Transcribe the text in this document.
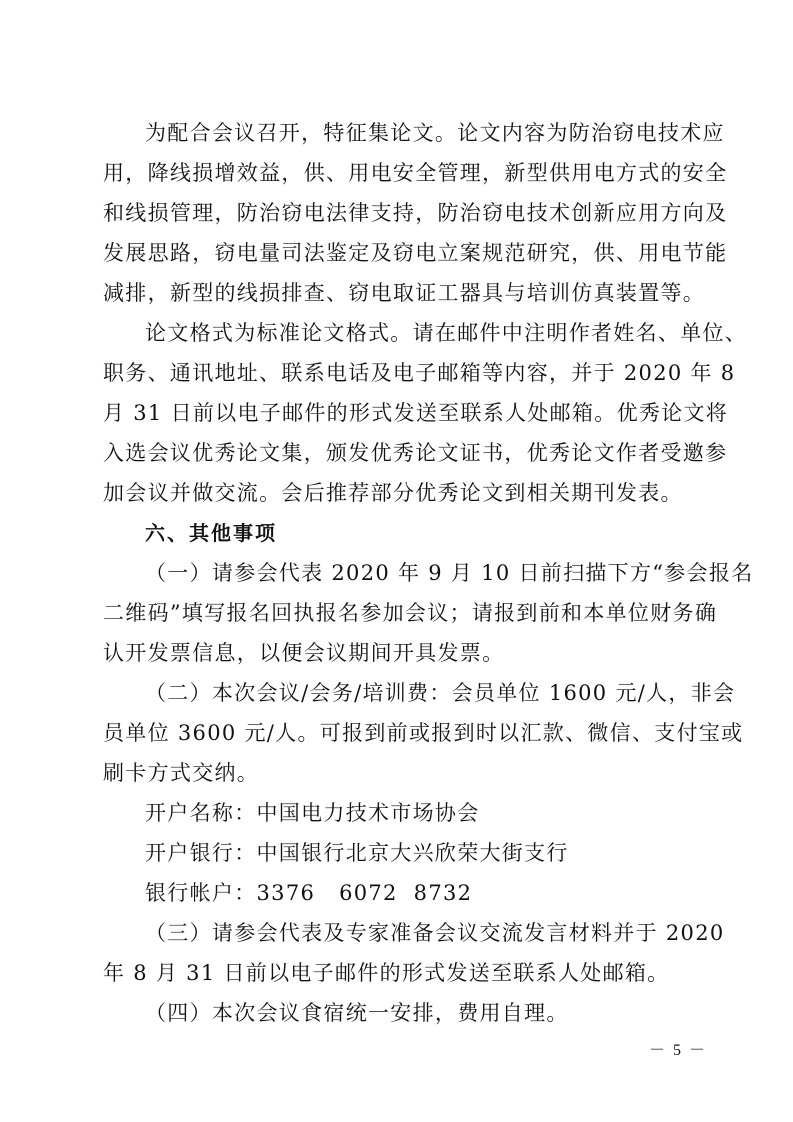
为配合会议召开，特征集论文。论文内容为防治窃电技术应
用，降线损增效益，供、用电安全管理，新型供用电方式的安全
和线损管理，防治窃电法律支持，防治窃电技术创新应用方向及
发展思路，窃电量司法鉴定及窃电立案规范研究，供、用电节能
减排，新型的线损排查、窃电取证工器具与培训仿真装置等。
论文格式为标准论文格式。请在邮件中注明作者姓名、单位、
职务、通讯地址、联系电话及电子邮箱等内容，并于 2020 年 8
月 31 日前以电子邮件的形式发送至联系人处邮箱。优秀论文将
入选会议优秀论文集，颁发优秀论文证书，优秀论文作者受邀参
加会议并做交流。会后推荐部分优秀论文到相关期刊发表。
六、其他事项
（一）请参会代表 2020 年 9 月 10 日前扫描下方“参会报名
二维码”填写报名回执报名参加会议；请报到前和本单位财务确
认开发票信息，以便会议期间开具发票。
（二）本次会议/会务/培训费：会员单位 1600 元/人，非会
员单位 3600 元/人。可报到前或报到时以汇款、微信、支付宝或
刷卡方式交纳。
开户名称：中国电力技术市场协会
开户银行：中国银行北京大兴欣荣大街支行
银行帐户：3376   6072  8732
（三）请参会代表及专家准备会议交流发言材料并于 2020
年 8 月 31 日前以电子邮件的形式发送至联系人处邮箱。
（四）本次会议食宿统一安排，费用自理。
－ 5 －
